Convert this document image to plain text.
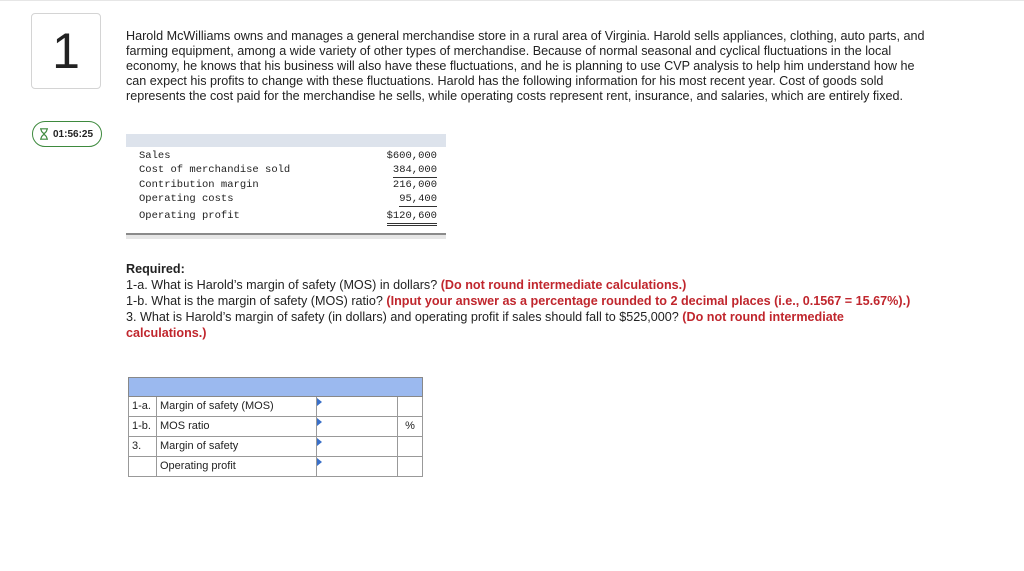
1
01:56:25
Harold McWilliams owns and manages a general merchandise store in a rural area of Virginia. Harold sells appliances, clothing, auto parts, and farming equipment, among a wide variety of other types of merchandise. Because of normal seasonal and cyclical fluctuations in the local economy, he knows that his business will also have these fluctuations, and he is planning to use CVP analysis to help him understand how he can expect his profits to change with these fluctuations. Harold has the following information for his most recent year. Cost of goods sold represents the cost paid for the merchandise he sells, while operating costs represent rent, insurance, and salaries, which are entirely fixed.
Sales	$600,000
Cost of merchandise sold	384,000
Contribution margin	216,000
Operating costs	95,400
Operating profit	$120,600
Required:
1-a. What is Harold’s margin of safety (MOS) in dollars? (Do not round intermediate calculations.)
1-b. What is the margin of safety (MOS) ratio? (Input your answer as a percentage rounded to 2 decimal places (i.e., 0.1567 = 15.67%).)
3. What is Harold’s margin of safety (in dollars) and operating profit if sales should fall to $525,000? (Do not round intermediate calculations.)
1-a. Margin of safety (MOS)
1-b. MOS ratio	%
3.	Margin of safety
Operating profit
